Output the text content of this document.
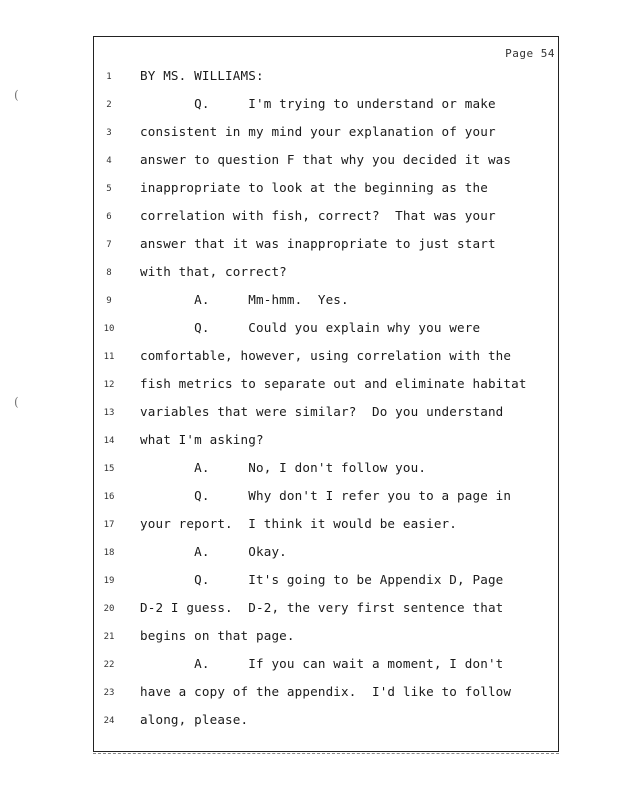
Page 54
(
(
1	BY MS. WILLIAMS:
2	Q.     I'm trying to understand or make
3	consistent in my mind your explanation of your
4	answer to question F that why you decided it was
5	inappropriate to look at the beginning as the
6	correlation with fish, correct?  That was your
7	answer that it was inappropriate to just start
8	with that, correct?
9	A.     Mm-hmm.  Yes.
10	Q.     Could you explain why you were
11	comfortable, however, using correlation with the
12	fish metrics to separate out and eliminate habitat
13	variables that were similar?  Do you understand
14	what I'm asking?
15	A.     No, I don't follow you.
16	Q.     Why don't I refer you to a page in
17	your report.  I think it would be easier.
18	A.     Okay.
19	Q.     It's going to be Appendix D, Page
20	D-2 I guess.  D-2, the very first sentence that
21	begins on that page.
22	A.     If you can wait a moment, I don't
23	have a copy of the appendix.  I'd like to follow
24	along, please.
